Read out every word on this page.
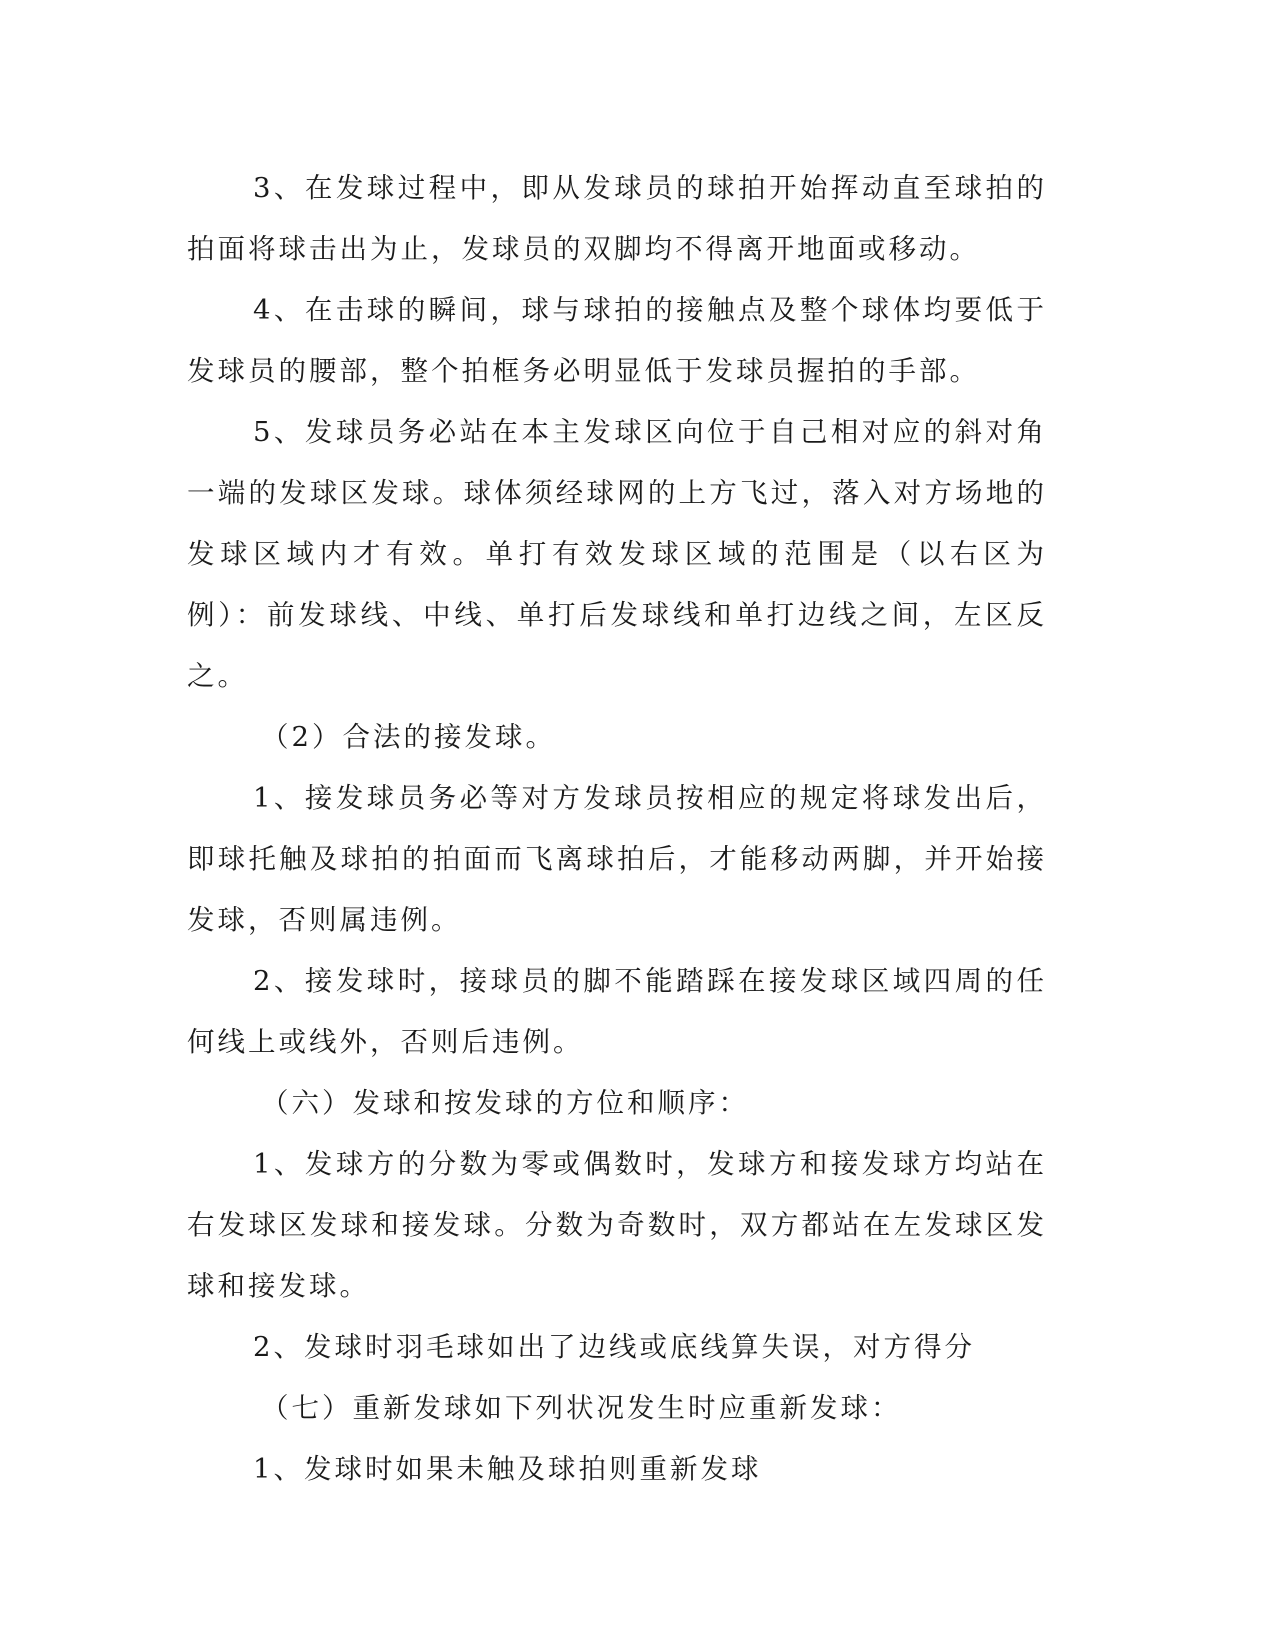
3、在发球过程中，即从发球员的球拍开始挥动直至球拍的拍面将球击出为止，发球员的双脚均不得离开地面或移动。

4、在击球的瞬间，球与球拍的接触点及整个球体均要低于发球员的腰部，整个拍框务必明显低于发球员握拍的手部。

5、发球员务必站在本主发球区向位于自己相对应的斜对角一端的发球区发球。球体须经球网的上方飞过，落入对方场地的发球区域内才有效。单打有效发球区域的范围是（以右区为例）：前发球线、中线、单打后发球线和单打边线之间，左区反之。

（2）合法的接发球。

1、接发球员务必等对方发球员按相应的规定将球发出后，即球托触及球拍的拍面而飞离球拍后，才能移动两脚，并开始接发球，否则属违例。

2、接发球时，接球员的脚不能踏踩在接发球区域四周的任何线上或线外，否则后违例。

（六）发球和按发球的方位和顺序：

1、发球方的分数为零或偶数时，发球方和接发球方均站在右发球区发球和接发球。分数为奇数时，双方都站在左发球区发球和接发球。

2、发球时羽毛球如出了边线或底线算失误，对方得分

（七）重新发球如下列状况发生时应重新发球：

1、发球时如果未触及球拍则重新发球
